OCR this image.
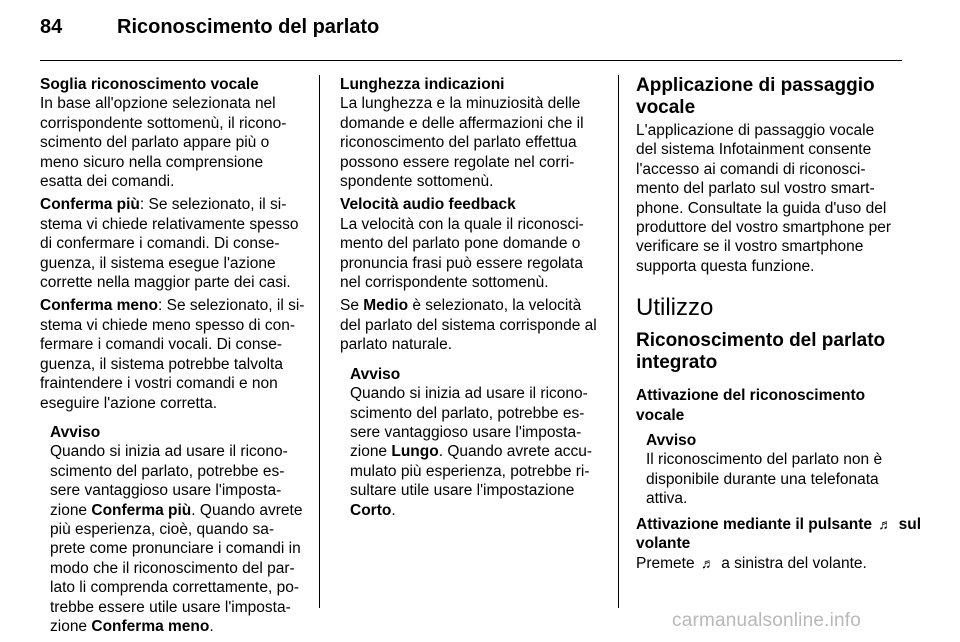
84	Riconoscimento del parlato
Soglia riconoscimento vocale

In base all'opzione selezionata nel
corrispondente sottomenù, il ricono-
scimento del parlato appare più o
meno sicuro nella comprensione
esatta dei comandi.

Conferma più: Se selezionato, il si-
stema vi chiede relativamente spesso
di confermare i comandi. Di conse-
guenza, il sistema esegue l'azione
corrette nella maggior parte dei casi.

Conferma meno: Se selezionato, il si-
stema vi chiede meno spesso di con-
fermare i comandi vocali. Di conse-
guenza, il sistema potrebbe talvolta
fraintendere i vostri comandi e non
eseguire l'azione corretta.

Avviso
Quando si inizia ad usare il ricono-
scimento del parlato, potrebbe es-
sere vantaggioso usare l'imposta-
zione Conferma più. Quando avrete
più esperienza, cioè, quando sa-
prete come pronunciare i comandi in
modo che il riconoscimento del par-
lato li comprenda correttamente, po-
trebbe essere utile usare l'imposta-
zione Conferma meno.
Lunghezza indicazioni

La lunghezza e la minuziosità delle
domande e delle affermazioni che il
riconoscimento del parlato effettua
possono essere regolate nel corri-
spondente sottomenù.

Velocità audio feedback

La velocità con la quale il riconosci-
mento del parlato pone domande o
pronuncia frasi può essere regolata
nel corrispondente sottomenù.

Se Medio è selezionato, la velocità
del parlato del sistema corrisponde al
parlato naturale.

Avviso
Quando si inizia ad usare il ricono-
scimento del parlato, potrebbe es-
sere vantaggioso usare l'imposta-
zione Lungo. Quando avrete accu-
mulato più esperienza, potrebbe ri-
sultare utile usare l'impostazione
Corto.
Applicazione di passaggio
vocale

L'applicazione di passaggio vocale
del sistema Infotainment consente
l'accesso ai comandi di riconosci-
mento del parlato sul vostro smart-
phone. Consultate la guida d'uso del
produttore del vostro smartphone per
verificare se il vostro smartphone
supporta questa funzione.

Utilizzo
Riconoscimento del parlato
integrato
Attivazione del riconoscimento
vocale
Avviso
Il riconoscimento del parlato non è
disponibile durante una telefonata
attiva.
Attivazione mediante il pulsante ♬ sul
volante

Premete ♬ a sinistra del volante.

carmanualsonline.info
